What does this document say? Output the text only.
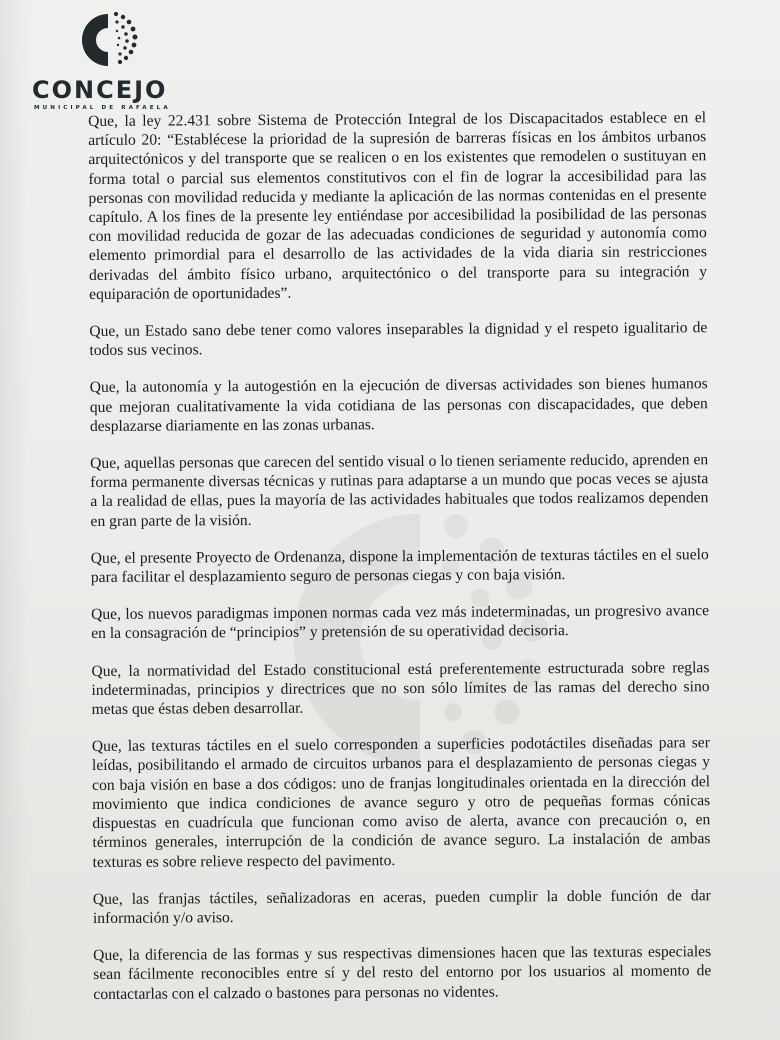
CONCEJO
MUNICIPAL DE RAFAELA

Que, la ley 22.431 sobre Sistema de Protección Integral de los Discapacitados establece en el artículo 20: “Establécese la prioridad de la supresión de barreras físicas en los ámbitos urbanos arquitectónicos y del transporte que se realicen o en los existentes que remodelen o sustituyan en forma total o parcial sus elementos constitutivos con el fin de lograr la accesibilidad para las personas con movilidad reducida y mediante la aplicación de las normas contenidas en el presente capítulo. A los fines de la presente ley entiéndase por accesibilidad la posibilidad de las personas con movilidad reducida de gozar de las adecuadas condiciones de seguridad y autonomía como elemento primordial para el desarrollo de las actividades de la vida diaria sin restricciones derivadas del ámbito físico urbano, arquitectónico o del transporte para su integración y equiparación de oportunidades”.

Que, un Estado sano debe tener como valores inseparables la dignidad y el respeto igualitario de todos sus vecinos.

Que, la autonomía y la autogestión en la ejecución de diversas actividades son bienes humanos que mejoran cualitativamente la vida cotidiana de las personas con discapacidades, que deben desplazarse diariamente en las zonas urbanas.

Que, aquellas personas que carecen del sentido visual o lo tienen seriamente reducido, aprenden en forma permanente diversas técnicas y rutinas para adaptarse a un mundo que pocas veces se ajusta a la realidad de ellas, pues la mayoría de las actividades habituales que todos realizamos dependen en gran parte de la visión.

Que, el presente Proyecto de Ordenanza, dispone la implementación de texturas táctiles en el suelo para facilitar el desplazamiento seguro de personas ciegas y con baja visión.

Que, los nuevos paradigmas imponen normas cada vez más indeterminadas, un progresivo avance en la consagración de “principios” y pretensión de su operatividad decisoria.

Que, la normatividad del Estado constitucional está preferentemente estructurada sobre reglas indeterminadas, principios y directrices que no son sólo límites de las ramas del derecho sino metas que éstas deben desarrollar.

Que, las texturas táctiles en el suelo corresponden a superficies podotáctiles diseñadas para ser leídas, posibilitando el armado de circuitos urbanos para el desplazamiento de personas ciegas y con baja visión en base a dos códigos: uno de franjas longitudinales orientada en la dirección del movimiento que indica condiciones de avance seguro y otro de pequeñas formas cónicas dispuestas en cuadrícula que funcionan como aviso de alerta, avance con precaución o, en términos generales, interrupción de la condición de avance seguro. La instalación de ambas texturas es sobre relieve respecto del pavimento.

Que, las franjas táctiles, señalizadoras en aceras, pueden cumplir la doble función de dar información y/o aviso.

Que, la diferencia de las formas y sus respectivas dimensiones hacen que las texturas especiales sean fácilmente reconocibles entre sí y del resto del entorno por los usuarios al momento de contactarlas con el calzado o bastones para personas no videntes.
